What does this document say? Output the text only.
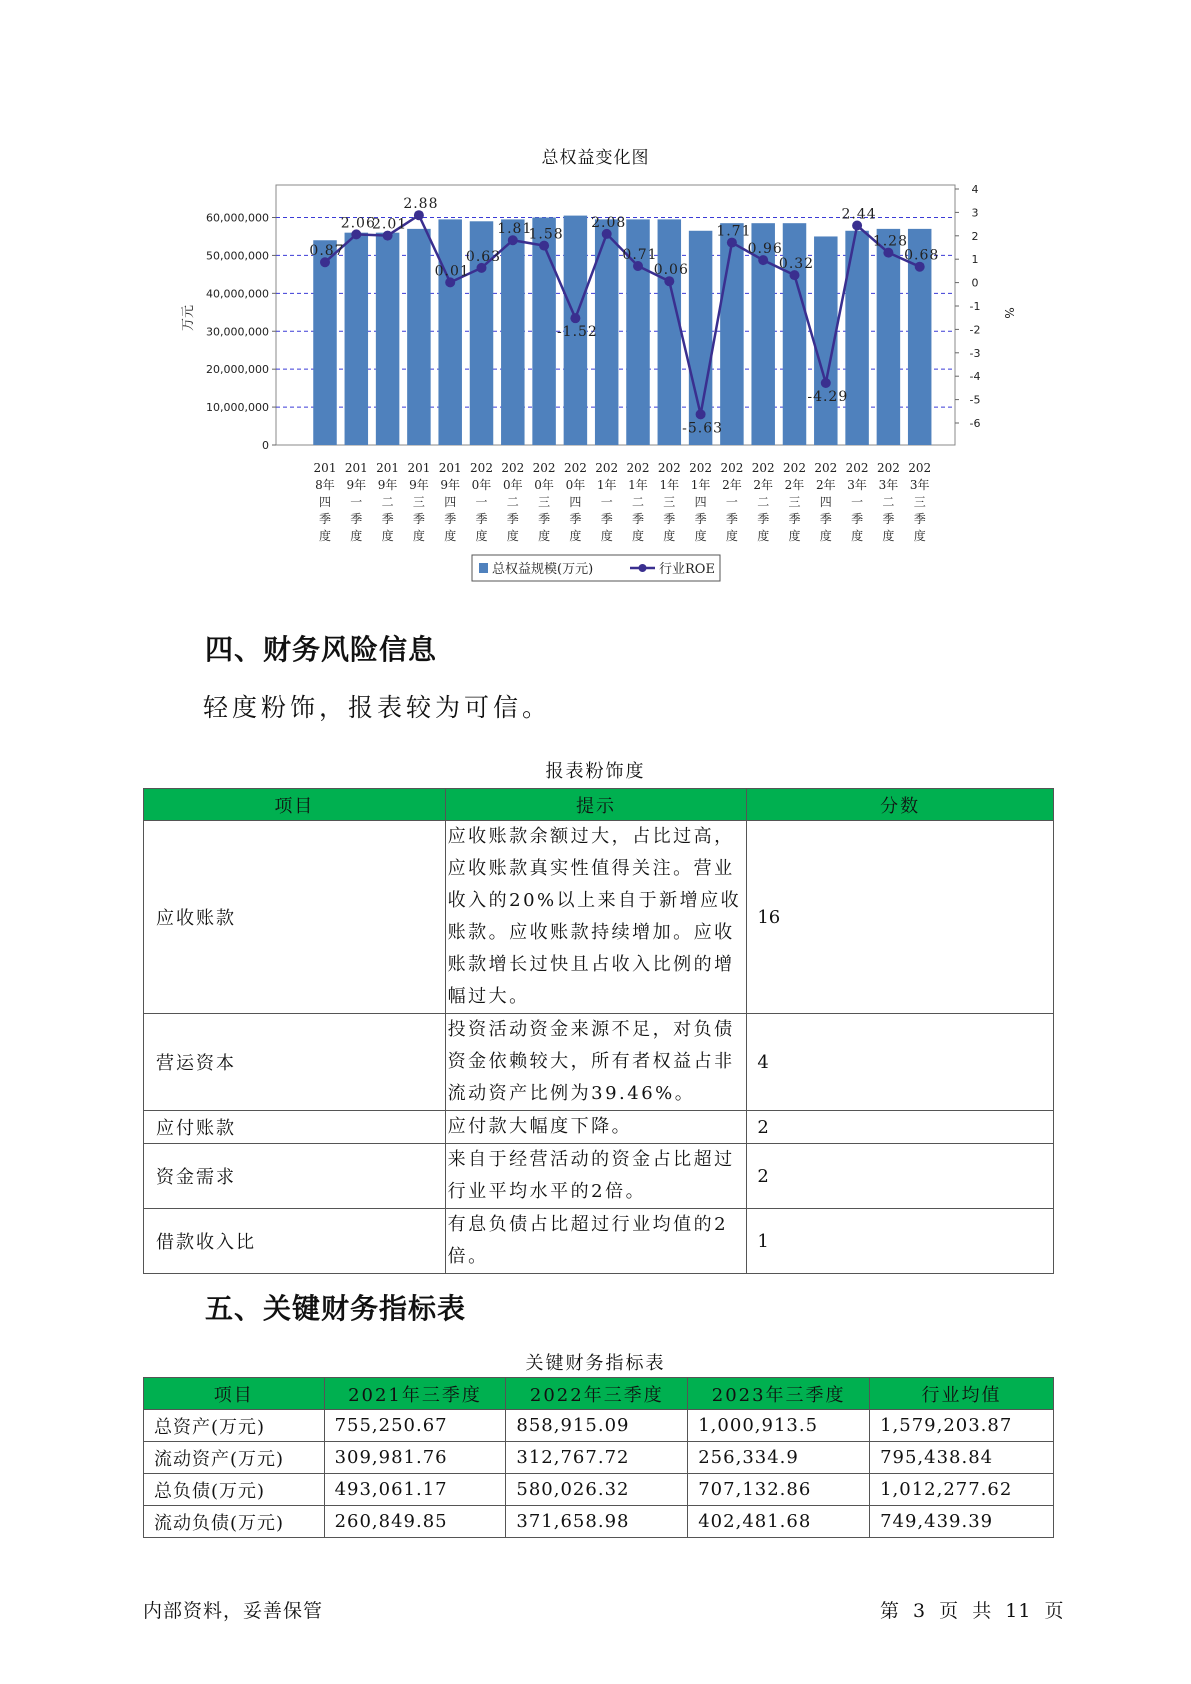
总权益变化图
0
10,000,000
20,000,000
30,000,000
40,000,000
50,000,000
60,000,000
4
3
2
1
0
-1
-2
-3
-4
-5
-6
万元	%
0.87
2.06
2.01
2.88
0.01
0.63
1.81
1.58
-1.52
2.08
0.71
0.06
-5.63
1.71
0.96
0.32
-4.29
2.44
1.28
0.68
201
8年
四
季
度
201
9年
一
季
度
201
9年
二
季
度
201
9年
三
季
度
201
9年
四
季
度
202
0年
一
季
度
202
0年
二
季
度
202
0年
三
季
度
202
0年
四
季
度
202
1年
一
季
度
202
1年
二
季
度
202
1年
三
季
度
202
1年
四
季
度
202
2年
一
季
度
202
2年
二
季
度
202
2年
三
季
度
202
2年
四
季
度
202
3年
一
季
度
202
3年
二
季
度
202
3年
三
季
度
总权益规模(万元)	行业ROE
四、财务风险信息
轻度粉饰，报表较为可信。
报表粉饰度
项目	提示	分数
应收账款	应收账款余额过大，占比过高，应收账款真实性值得关注。营业收入的20%以上来自于新增应收账款。应收账款持续增加。应收账款增长过快且占收入比例的增幅过大。	16
营运资本	投资活动资金来源不足，对负债资金依赖较大，所有者权益占非流动资产比例为39.46%。	4
应付账款	应付款大幅度下降。	2
资金需求	来自于经营活动的资金占比超过行业平均水平的2倍。	2
借款收入比	有息负债占比超过行业均值的2倍。	1
五、关键财务指标表
关键财务指标表
项目	2021年三季度	2022年三季度	2023年三季度	行业均值
总资产(万元)	755,250.67	858,915.09	1,000,913.5	1,579,203.87
流动资产(万元)	309,981.76	312,767.72	256,334.9	795,438.84
总负债(万元)	493,061.17	580,026.32	707,132.86	1,012,277.62
流动负债(万元)	260,849.85	371,658.98	402,481.68	749,439.39
内部资料，妥善保管	第 3 页 共 11 页
